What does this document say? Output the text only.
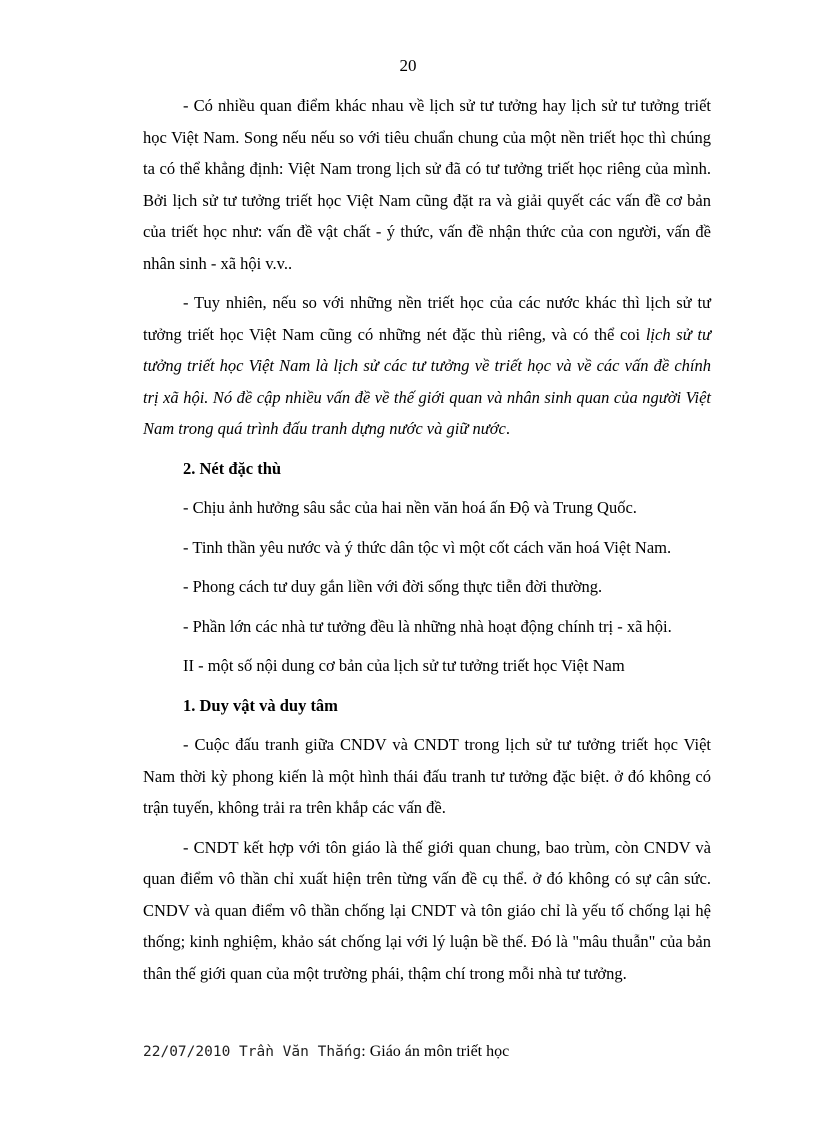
20

- Có nhiều quan điểm khác nhau về lịch sử tư tưởng hay lịch sử tư tưởng triết học Việt Nam. Song nếu nếu so với tiêu chuẩn chung của một nền triết học thì chúng ta có thể khẳng định: Việt Nam trong lịch sử đã có tư tưởng triết học riêng của mình. Bởi lịch sử tư tưởng triết học Việt Nam cũng đặt ra và giải quyết các vấn đề cơ bản của triết học như: vấn đề vật chất - ý thức, vấn đề nhận thức của con người, vấn đề nhân sinh - xã hội v.v..

- Tuy nhiên, nếu so với những nền triết học của các nước khác thì lịch sử tư tưởng triết học Việt Nam cũng có những nét đặc thù riêng, và có thể coi lịch sử tư tưởng triết học Việt Nam là lịch sử các tư tưởng về triết học và về các vấn đề chính trị xã hội. Nó đề cập nhiều vấn đề về thế giới quan và nhân sinh quan của người Việt Nam trong quá trình đấu tranh dựng nước và giữ nước.

2. Nét đặc thù

- Chịu ảnh hưởng sâu sắc của hai nền văn hoá ấn Độ và Trung Quốc.

- Tinh thần yêu nước và ý thức dân tộc vì một cốt cách văn hoá Việt Nam.

- Phong cách tư duy gắn liền với đời sống thực tiễn đời thường.

- Phần lớn các nhà tư tưởng đều là những nhà hoạt động chính trị - xã hội.

II - một số nội dung cơ bản của lịch sử tư tưởng triết học Việt Nam

1. Duy vật và duy tâm

- Cuộc đấu tranh giữa CNDV và CNDT trong lịch sử tư tưởng triết học Việt Nam thời kỳ phong kiến là một hình thái đấu tranh tư tưởng đặc biệt. ở đó không có trận tuyến, không trải ra trên khắp các vấn đề.

- CNDT kết hợp với tôn giáo là thế giới quan chung, bao trùm, còn CNDV và quan điểm vô thần chỉ xuất hiện trên từng vấn đề cụ thể. ở đó không có sự cân sức. CNDV và quan điểm vô thần chống lại CNDT và tôn giáo chỉ là yếu tố chống lại hệ thống; kinh nghiệm, khảo sát chống lại với lý luận bề thế. Đó là "mâu thuẫn" của bản thân thế giới quan của một trường phái, thậm chí trong mỗi nhà tư tưởng.

22/07/2010 Trần Văn Thắng: Giáo án môn triết học
